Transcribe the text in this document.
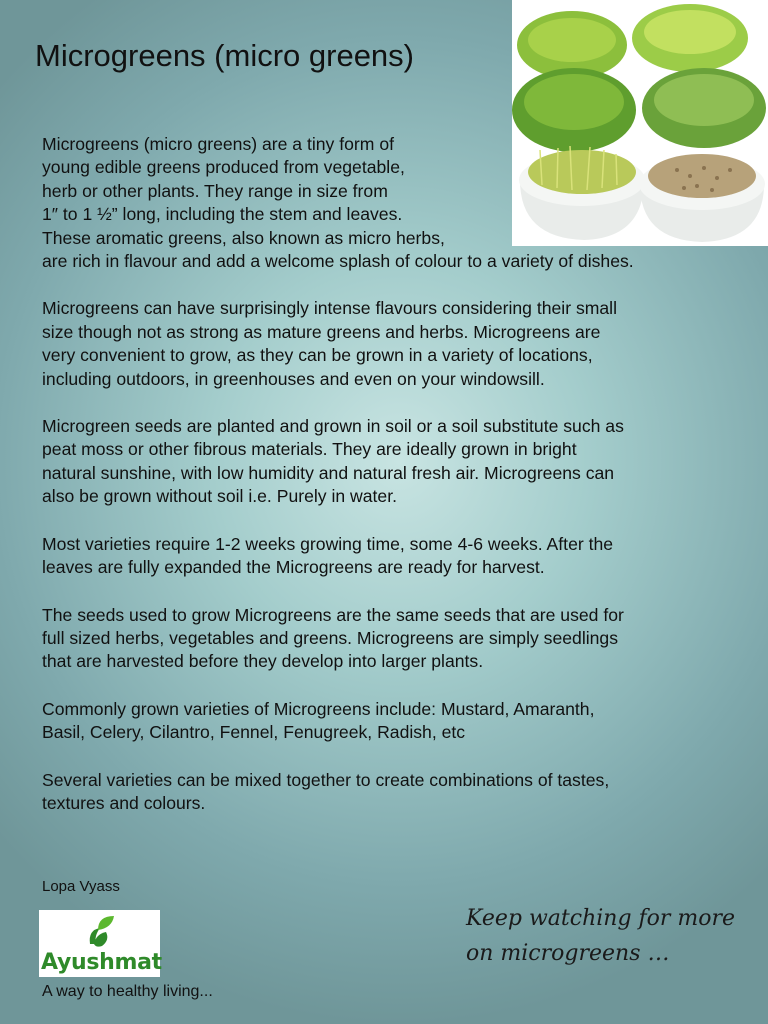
Microgreens (micro greens)

Microgreens (micro greens) are a tiny form of
young edible greens produced from vegetable,
herb or other plants. They range in size from
1″ to 1 ½” long, including the stem and leaves.
These aromatic greens, also known as micro herbs,
are rich in flavour and add a welcome splash of colour to a variety of dishes.

Microgreens can have surprisingly intense flavours considering their small
size though not as strong as mature greens and herbs. Microgreens are
very convenient to grow, as they can be grown in a variety of locations,
including outdoors, in greenhouses and even on your windowsill.

Microgreen seeds are planted and grown in soil or a soil substitute such as
peat moss or other fibrous materials. They are ideally grown in bright
natural sunshine, with low humidity and natural fresh air. Microgreens can
also be grown without soil i.e. Purely in water.

Most varieties require 1-2 weeks growing time, some 4-6 weeks. After the
leaves are fully expanded the Microgreens are ready for harvest.

The seeds used to grow Microgreens are the same seeds that are used for
full sized herbs, vegetables and greens. Microgreens are simply seedlings
that are harvested before they develop into larger plants.

Commonly grown varieties of Microgreens include: Mustard, Amaranth,
Basil, Celery, Cilantro, Fennel, Fenugreek, Radish, etc

Several varieties can be mixed together to create combinations of tastes,
textures and colours.

Lopa Vyass
Ayushmat
A way to healthy living...
Keep watching for more
on microgreens …
